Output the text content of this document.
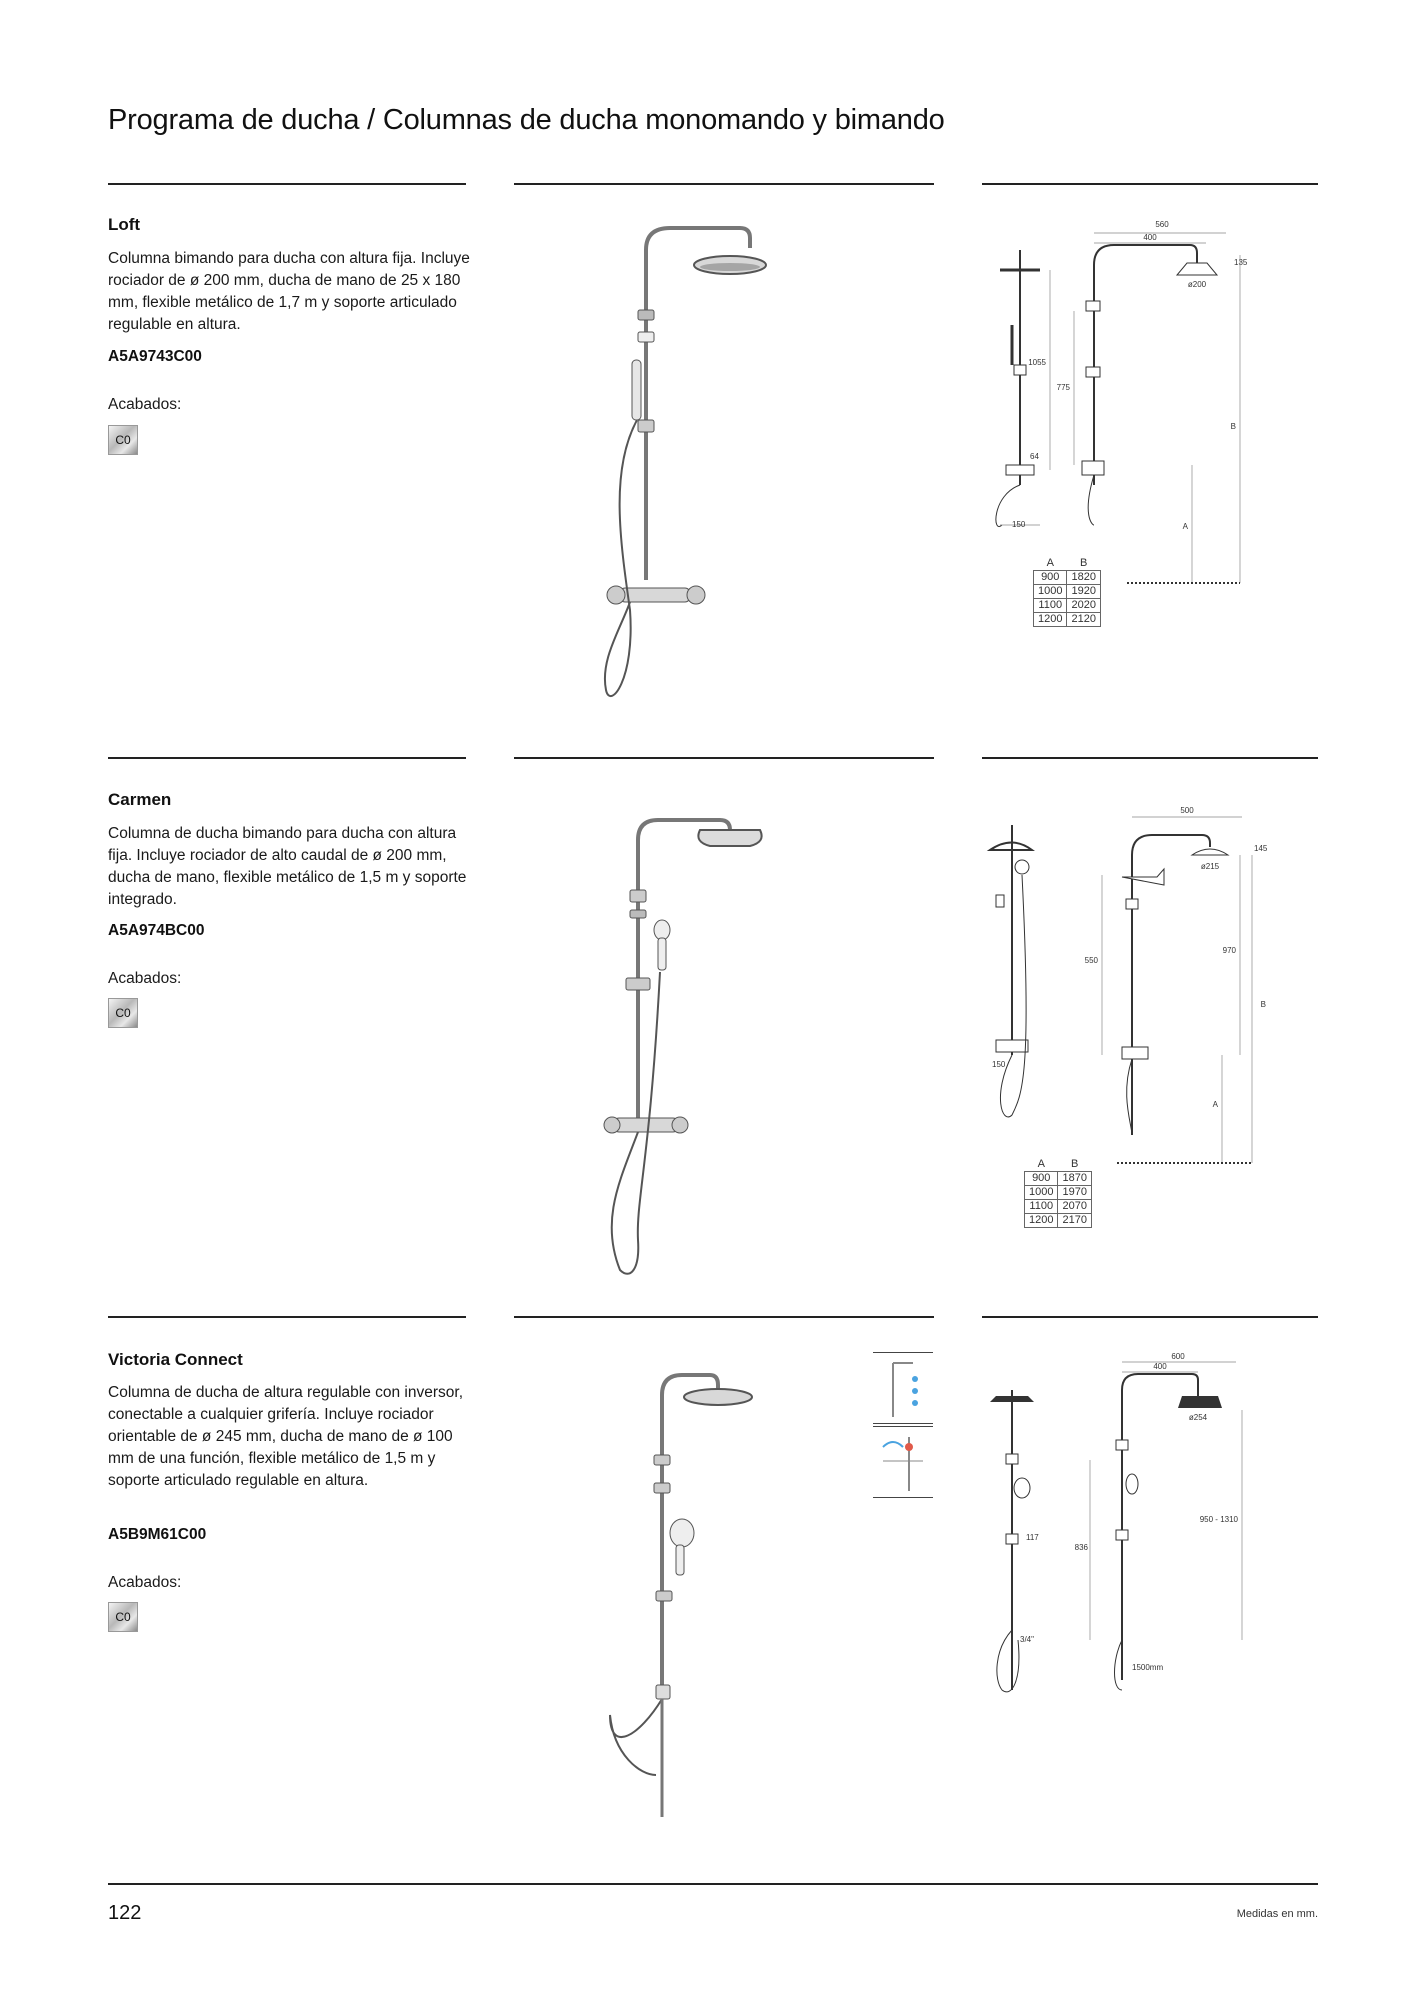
Programa de ducha / Columnas de ducha monomando y bimando
Loft
Columna bimando para ducha con altura fija. Incluye rociador de ø 200 mm, ducha de mano de 25 x 180 mm, flexible metálico de 1,7 m y soporte articulado regulable en altura.
A5A9743C00
Acabados:
C0
1055
64
150
560
400
135
ø200
775
A
B
A	B
900	1820
1000	1920
1100	2020
1200	2120
Carmen
Columna de ducha bimando para ducha con altura fija. Incluye rociador de alto caudal de ø 200 mm, ducha de mano, flexible metálico de 1,5 m y soporte integrado.
A5A974BC00
Acabados:
C0
150
500
145
ø215
550
970
A
B
A	B
900	1870
1000	1970
1100	2070
1200	2170
Victoria Connect
Columna de ducha de altura regulable con inversor, conectable a cualquier grifería. Incluye rociador orientable de ø 245 mm, ducha de mano de ø 100 mm de una función, flexible metálico de 1,5 m y soporte articulado regulable en altura.
A5B9M61C00
Acabados:
C0
117
3/4"
600
400
ø254
836
950 - 1310
1500mm
122	Medidas en mm.
